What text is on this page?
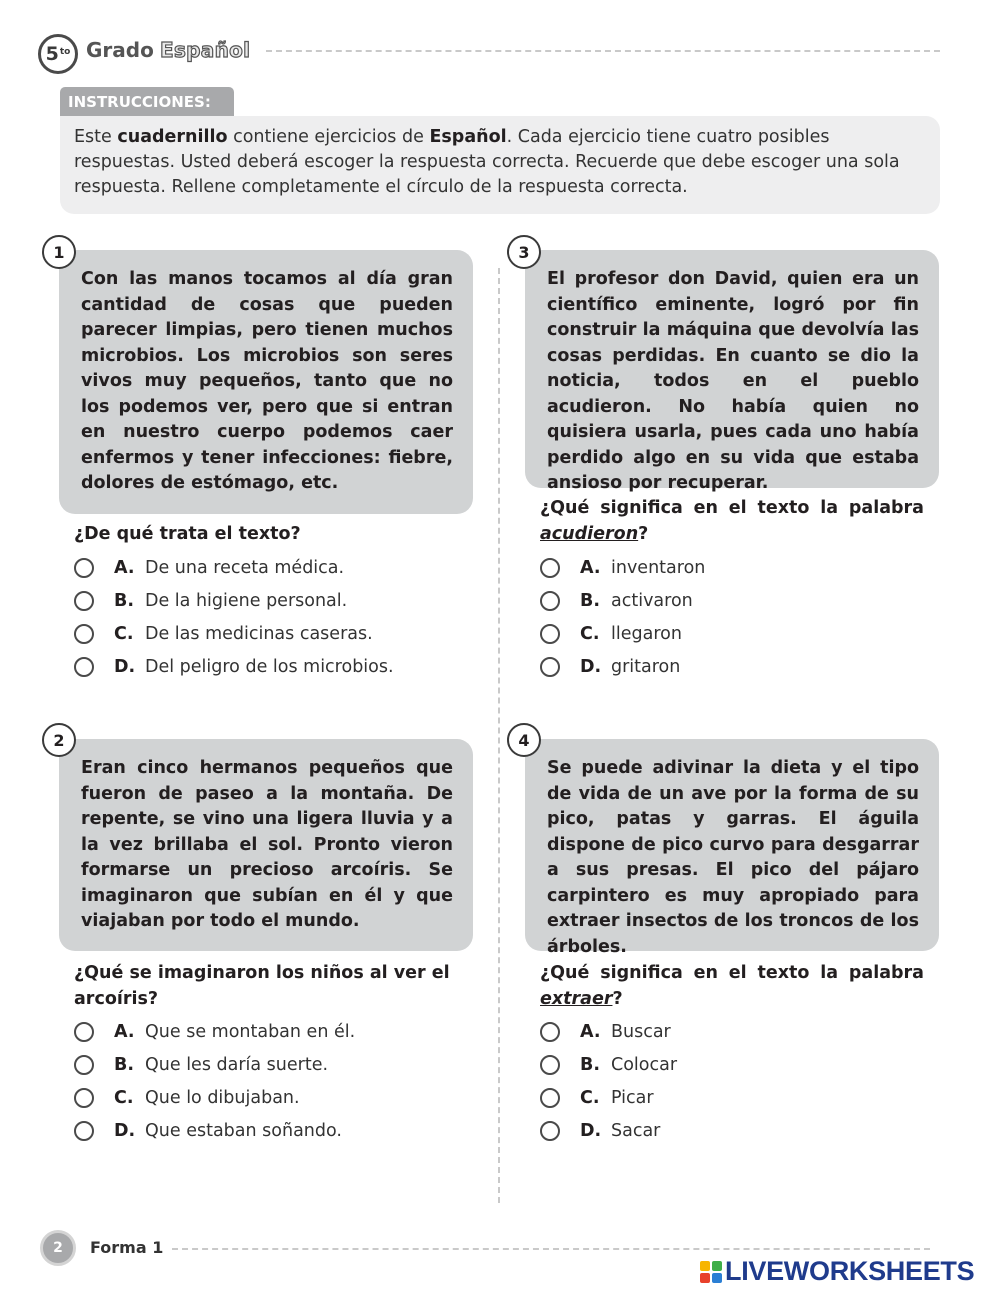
$5^{to}$ Grado Español
INSTRUCCIONES:
Este cuadernillo contiene ejercicios de Español. Cada ejercicio tiene cuatro posibles respuestas. Usted deberá escoger la respuesta correcta. Recuerde que debe escoger una sola respuesta. Rellene completamente el círculo de la respuesta correcta.
1
Con las manos tocamos al día gran cantidad de cosas que pueden parecer limpias, pero tienen muchos microbios. Los microbios son seres vivos muy pequeños, tanto que no los podemos ver, pero que si entran en nuestro cuerpo podemos caer enfermos y tener infecciones: fiebre, dolores de estómago, etc.
¿De qué trata el texto?
A. De una receta médica.
B. De la higiene personal.
C. De las medicinas caseras.
D. Del peligro de los microbios.
2
Eran cinco hermanos pequeños que fueron de paseo a la montaña. De repente, se vino una ligera lluvia y a la vez brillaba el sol. Pronto vieron formarse un precioso arcoíris. Se imaginaron que subían en él y que viajaban por todo el mundo.
¿Qué se imaginaron los niños al ver el arcoíris?
A. Que se montaban en él.
B. Que les daría suerte.
C. Que lo dibujaban.
D. Que estaban soñando.
3
El profesor don David, quien era un científico eminente, logró por fin construir la máquina que devolvía las cosas perdidas. En cuanto se dio la noticia, todos en el pueblo acudieron. No había quien no quisiera usarla, pues cada uno había perdido algo en su vida que estaba ansioso por recuperar.
¿Qué significa en el texto la palabra acudieron?
A. inventaron
B. activaron
C. llegaron
D. gritaron
4
Se puede adivinar la dieta y el tipo de vida de un ave por la forma de su pico, patas y garras. El águila dispone de pico curvo para desgarrar a sus presas. El pico del pájaro carpintero es muy apropiado para extraer insectos de los troncos de los árboles.
¿Qué significa en el texto la palabra extraer?
A. Buscar
B. Colocar
C. Picar
D. Sacar
2	Forma 1
LIVEWORKSHEETS
